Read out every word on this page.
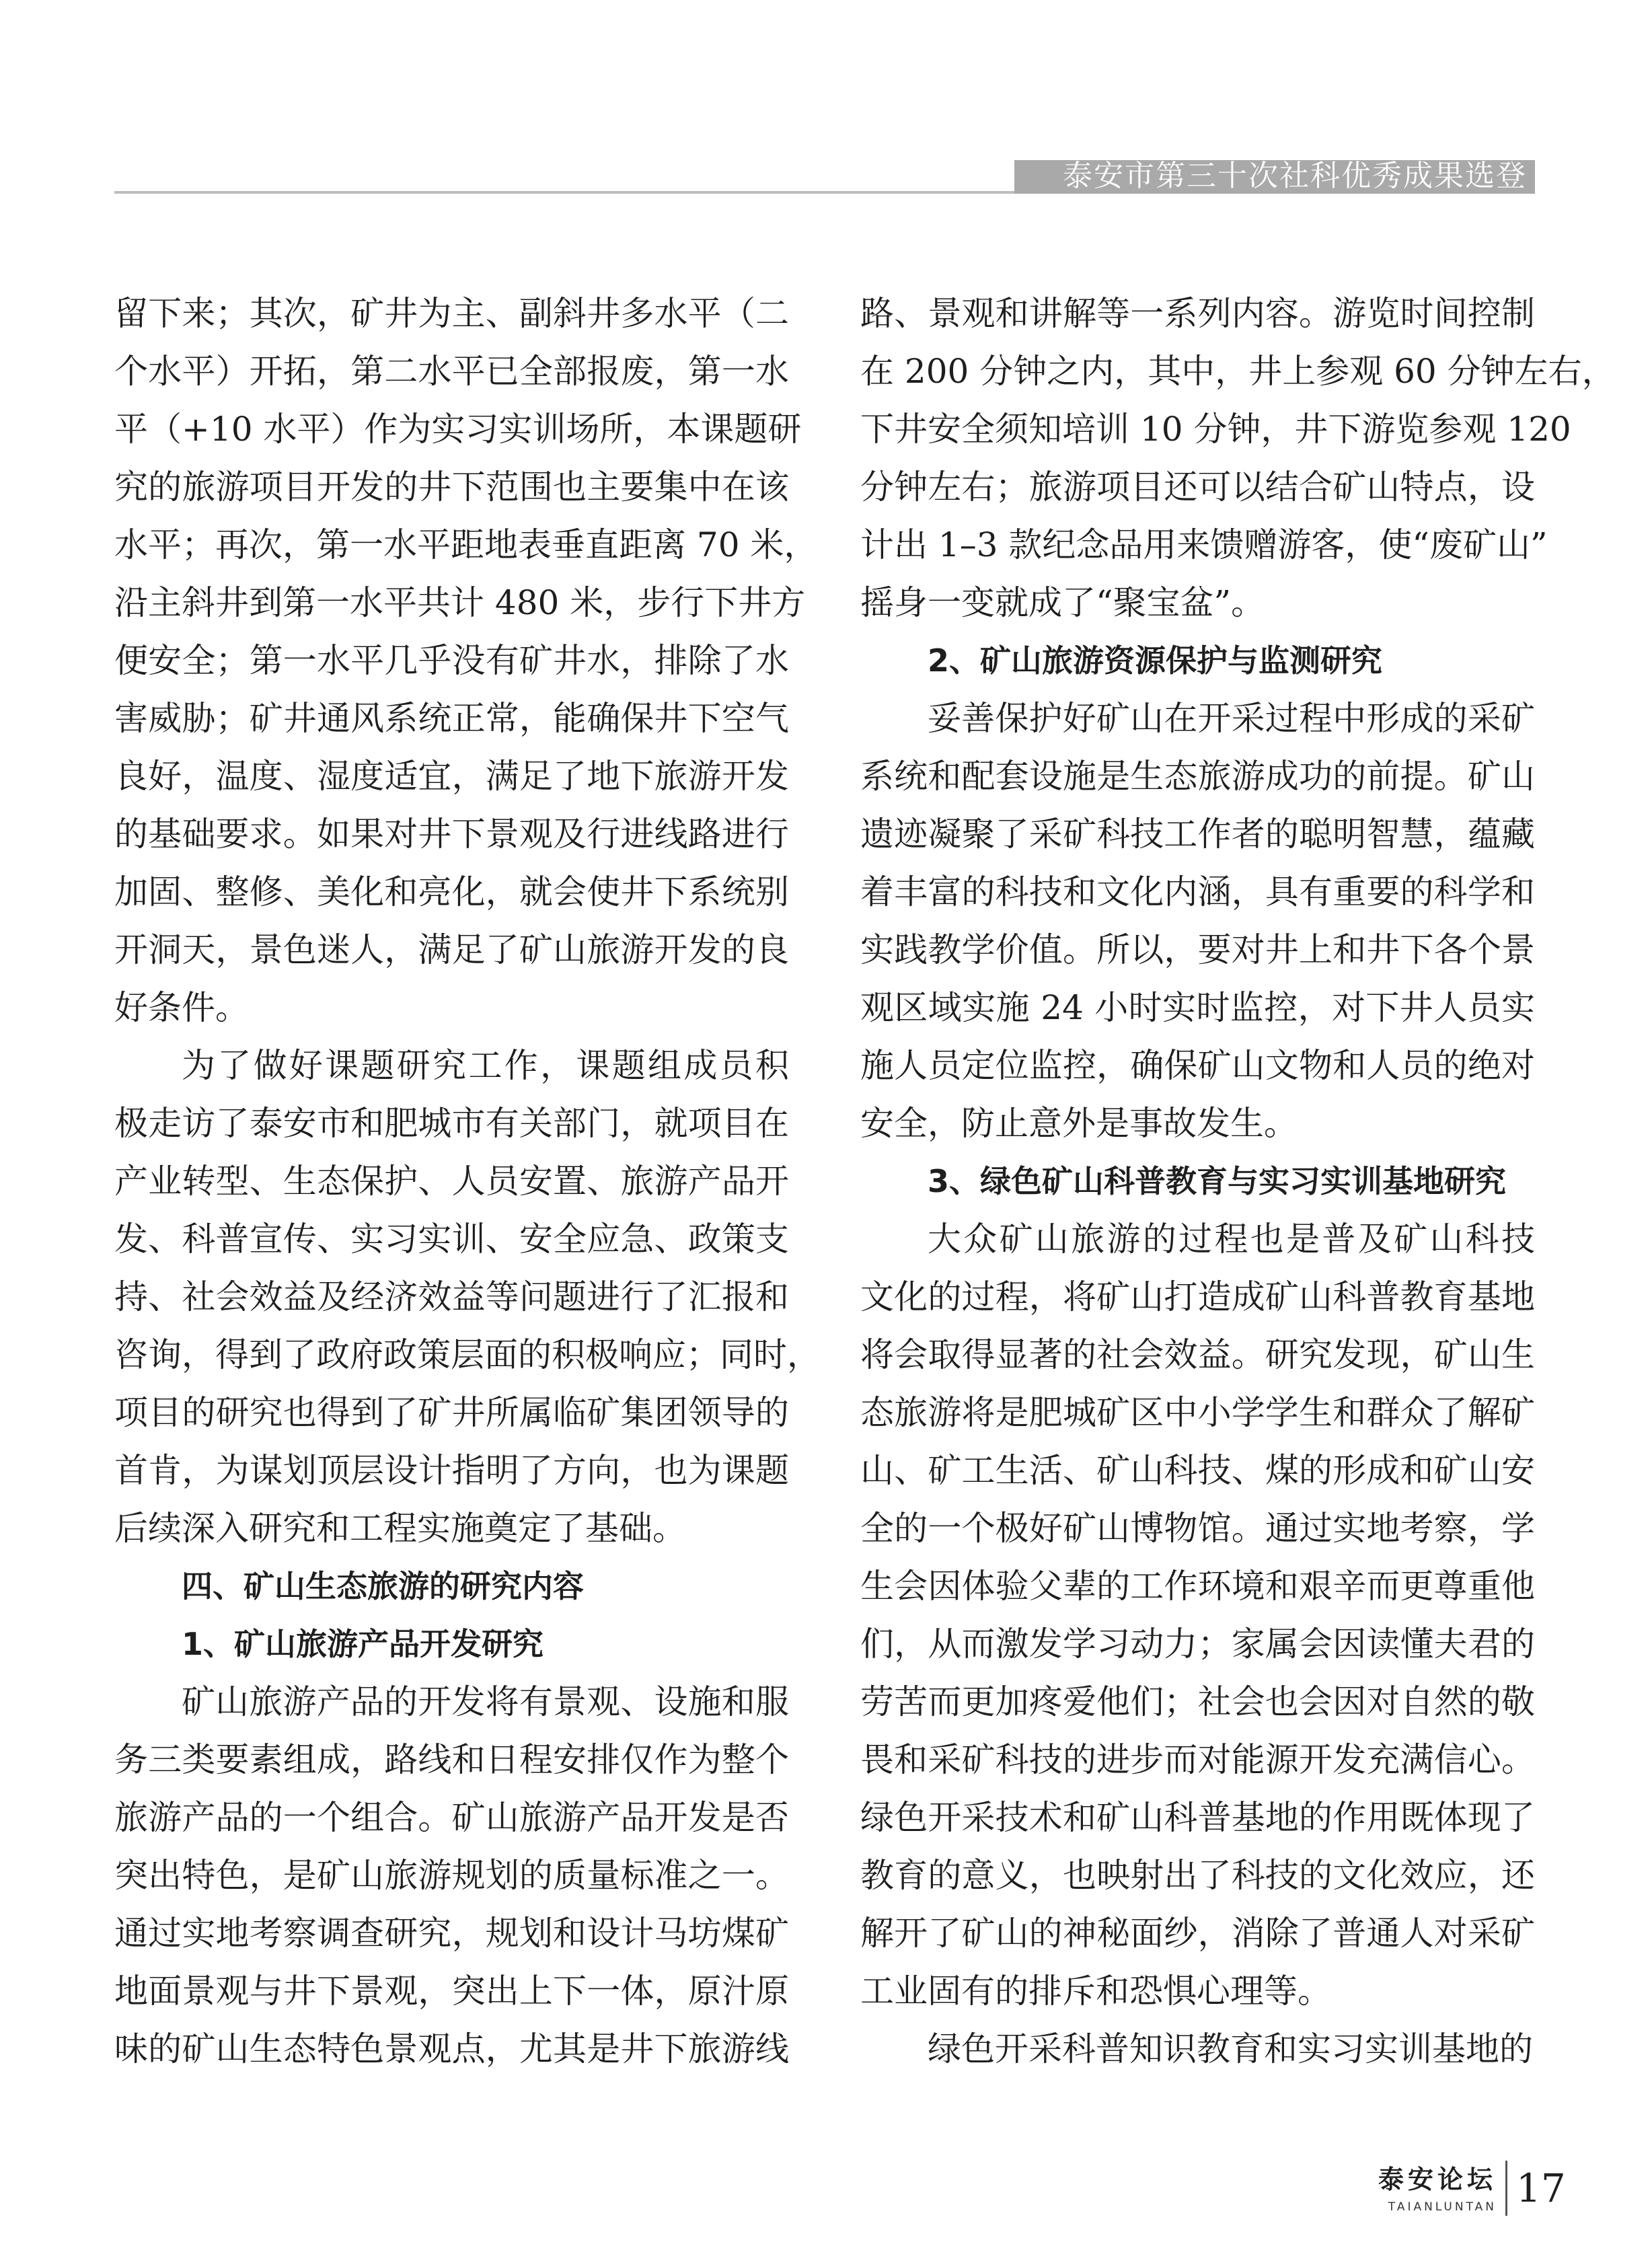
泰安市第三十次社科优秀成果选登
留下来；其次，矿井为主、副斜井多水平（二
个水平）开拓，第二水平已全部报废，第一水
平（+10 水平）作为实习实训场所，本课题研
究的旅游项目开发的井下范围也主要集中在该
水平；再次，第一水平距地表垂直距离 70 米，
沿主斜井到第一水平共计 480 米，步行下井方
便安全；第一水平几乎没有矿井水，排除了水
害威胁；矿井通风系统正常，能确保井下空气
良好，温度、湿度适宜，满足了地下旅游开发
的基础要求。如果对井下景观及行进线路进行
加固、整修、美化和亮化，就会使井下系统别
开洞天，景色迷人，满足了矿山旅游开发的良
好条件。
为了做好课题研究工作，课题组成员积
极走访了泰安市和肥城市有关部门，就项目在
产业转型、生态保护、人员安置、旅游产品开
发、科普宣传、实习实训、安全应急、政策支
持、社会效益及经济效益等问题进行了汇报和
咨询，得到了政府政策层面的积极响应；同时，
项目的研究也得到了矿井所属临矿集团领导的
首肯，为谋划顶层设计指明了方向，也为课题
后续深入研究和工程实施奠定了基础。
四、矿山生态旅游的研究内容
1、矿山旅游产品开发研究
矿山旅游产品的开发将有景观、设施和服
务三类要素组成，路线和日程安排仅作为整个
旅游产品的一个组合。矿山旅游产品开发是否
突出特色，是矿山旅游规划的质量标准之一。
通过实地考察调查研究，规划和设计马坊煤矿
地面景观与井下景观，突出上下一体，原汁原
味的矿山生态特色景观点，尤其是井下旅游线
路、景观和讲解等一系列内容。游览时间控制
在 200 分钟之内，其中，井上参观 60 分钟左右，
下井安全须知培训 10 分钟，井下游览参观 120
分钟左右；旅游项目还可以结合矿山特点，设
计出 1–3 款纪念品用来馈赠游客，使“废矿山”
摇身一变就成了“聚宝盆”。
2、矿山旅游资源保护与监测研究
妥善保护好矿山在开采过程中形成的采矿
系统和配套设施是生态旅游成功的前提。矿山
遗迹凝聚了采矿科技工作者的聪明智慧，蕴藏
着丰富的科技和文化内涵，具有重要的科学和
实践教学价值。所以，要对井上和井下各个景
观区域实施 24 小时实时监控，对下井人员实
施人员定位监控，确保矿山文物和人员的绝对
安全，防止意外是事故发生。
3、绿色矿山科普教育与实习实训基地研究
大众矿山旅游的过程也是普及矿山科技
文化的过程，将矿山打造成矿山科普教育基地
将会取得显著的社会效益。研究发现，矿山生
态旅游将是肥城矿区中小学学生和群众了解矿
山、矿工生活、矿山科技、煤的形成和矿山安
全的一个极好矿山博物馆。通过实地考察，学
生会因体验父辈的工作环境和艰辛而更尊重他
们，从而激发学习动力；家属会因读懂夫君的
劳苦而更加疼爱他们；社会也会因对自然的敬
畏和采矿科技的进步而对能源开发充满信心。
绿色开采技术和矿山科普基地的作用既体现了
教育的意义，也映射出了科技的文化效应，还
解开了矿山的神秘面纱，消除了普通人对采矿
工业固有的排斥和恐惧心理等。
绿色开采科普知识教育和实习实训基地的
泰安论坛
TAIANLUNTAN 17
